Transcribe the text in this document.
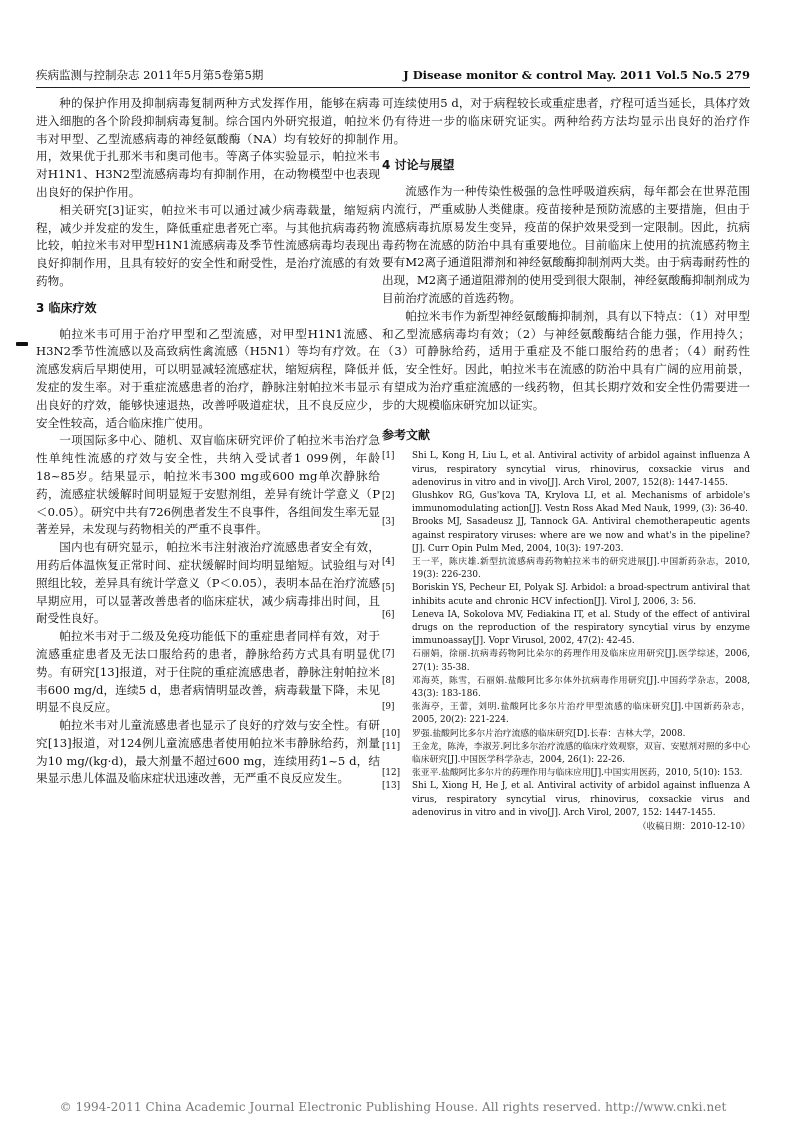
疾病监测与控制杂志 2011年5月第5卷第5期	J Disease monitor & control May. 2011 Vol.5 No.5 279

种的保护作用及抑制病毒复制两种方式发挥作用，能够在病毒进入细胞的各个阶段抑制病毒复制。综合国内外研究报道，帕拉米韦对甲型、乙型流感病毒的神经氨酸酶（NA）均有较好的抑制作用，效果优于扎那米韦和奥司他韦。等离子体实验显示，帕拉米韦对H1N1、H3N2型流感病毒均有抑制作用，在动物模型中也表现出良好的保护作用。

相关研究[3]证实，帕拉米韦可以通过减少病毒载量，缩短病程，减少并发症的发生，降低重症患者死亡率。与其他抗病毒药物比较，帕拉米韦对甲型H1N1流感病毒及季节性流感病毒均表现出良好抑制作用，且具有较好的安全性和耐受性，是治疗流感的有效药物。

3 临床疗效

帕拉米韦可用于治疗甲型和乙型流感，对甲型H1N1流感、H3N2季节性流感以及高致病性禽流感（H5N1）等均有疗效。在流感发病后早期使用，可以明显减轻流感症状，缩短病程，降低并发症的发生率。对于重症流感患者的治疗，静脉注射帕拉米韦显示出良好的疗效，能够快速退热，改善呼吸道症状，且不良反应少，安全性较高，适合临床推广使用。

一项国际多中心、随机、双盲临床研究评价了帕拉米韦治疗急性单纯性流感的疗效与安全性，共纳入受试者1 099例，年龄18~85岁。结果显示，帕拉米韦300 mg或600 mg单次静脉给药，流感症状缓解时间明显短于安慰剂组，差异有统计学意义（P＜0.05）。研究中共有726例患者发生不良事件，各组间发生率无显著差异，未发现与药物相关的严重不良事件。

国内也有研究显示，帕拉米韦注射液治疗流感患者安全有效，用药后体温恢复正常时间、症状缓解时间均明显缩短。试验组与对照组比较，差异具有统计学意义（P＜0.05），表明本品在治疗流感早期应用，可以显著改善患者的临床症状，减少病毒排出时间，且耐受性良好。

帕拉米韦对于二级及免疫功能低下的重症患者同样有效，对于流感重症患者及无法口服给药的患者，静脉给药方式具有明显优势。有研究[13]报道，对于住院的重症流感患者，静脉注射帕拉米韦600 mg/d，连续5 d，患者病情明显改善，病毒载量下降，未见明显不良反应。

帕拉米韦对儿童流感患者也显示了良好的疗效与安全性。有研究[13]报道，对124例儿童流感患者使用帕拉米韦静脉给药，剂量为10 mg/(kg·d)，最大剂量不超过600 mg，连续用药1~5 d，结果显示患儿体温及临床症状迅速改善，无严重不良反应发生。

可连续使用5 d，对于病程较长或重症患者，疗程可适当延长，具体疗效仍有待进一步的临床研究证实。两种给药方法均显示出良好的治疗作用。

4 讨论与展望

流感作为一种传染性极强的急性呼吸道疾病，每年都会在世界范围内流行，严重威胁人类健康。疫苗接种是预防流感的主要措施，但由于流感病毒抗原易发生变异，疫苗的保护效果受到一定限制。因此，抗病毒药物在流感的防治中具有重要地位。目前临床上使用的抗流感药物主要有M2离子通道阻滞剂和神经氨酸酶抑制剂两大类。由于病毒耐药性的出现，M2离子通道阻滞剂的使用受到很大限制，神经氨酸酶抑制剂成为目前治疗流感的首选药物。

帕拉米韦作为新型神经氨酸酶抑制剂，具有以下特点：（1）对甲型和乙型流感病毒均有效；（2）与神经氨酸酶结合能力强，作用持久；（3）可静脉给药，适用于重症及不能口服给药的患者；（4）耐药性低，安全性好。因此，帕拉米韦在流感的防治中具有广阔的应用前景，有望成为治疗重症流感的一线药物，但其长期疗效和安全性仍需要进一步的大规模临床研究加以证实。

参考文献
[1]	Shi L, Kong H, Liu L, et al. Antiviral activity of arbidol against influenza A virus, respiratory syncytial virus, rhinovirus, coxsackie virus and adenovirus in vitro and in vivo[J]. Arch Virol, 2007, 152(8): 1447-1455.
[2]	Glushkov RG, Gus'kova TA, Krylova LI, et al. Mechanisms of arbidole's immunomodulating action[J]. Vestn Ross Akad Med Nauk, 1999, (3): 36-40.
[3]	Brooks MJ, Sasadeusz JJ, Tannock GA. Antiviral chemotherapeutic agents against respiratory viruses: where are we now and what's in the pipeline?[J]. Curr Opin Pulm Med, 2004, 10(3): 197-203.
[4]	王一平，陈庆雄.新型抗流感病毒药物帕拉米韦的研究进展[J].中国新药杂志，2010, 19(3): 226-230.
[5]	Boriskin YS, Pecheur EI, Polyak SJ. Arbidol: a broad-spectrum antiviral that inhibits acute and chronic HCV infection[J]. Virol J, 2006, 3: 56.
[6]	Leneva IA, Sokolova MV, Fediakina IT, et al. Study of the effect of antiviral drugs on the reproduction of the respiratory syncytial virus by enzyme immunoassay[J]. Vopr Virusol, 2002, 47(2): 42-45.
[7]	石丽娟，徐丽.抗病毒药物阿比朵尔的药理作用及临床应用研究[J].医学综述，2006, 27(1): 35-38.
[8]	邓海英，陈雪，石丽娟.盐酸阿比多尔体外抗病毒作用研究[J].中国药学杂志，2008, 43(3): 183-186.
[9]	张海亭，王蕾，刘明.盐酸阿比多尔片治疗甲型流感的临床研究[J].中国新药杂志，2005, 20(2): 221-224.
[10]	罗强.盐酸阿比多尔片治疗流感的临床研究[D].长春：吉林大学，2008.
[11]	王金龙，陈涛，李淑芳.阿比多尔治疗流感的临床疗效观察，双盲、安慰剂对照的多中心临床研究[J].中国医学科学杂志，2004, 26(1): 22-26.
[12]	张亚平.盐酸阿比多尔片的药理作用与临床应用[J].中国实用医药，2010, 5(10): 153.
[13]	Shi L, Xiong H, He J, et al. Antiviral activity of arbidol against influenza A virus, respiratory syncytial virus, rhinovirus, coxsackie virus and adenovirus in vitro and in vivo[J]. Arch Virol, 2007, 152: 1447-1455.

（收稿日期：2010-12-10）

© 1994-2011 China Academic Journal Electronic Publishing House. All rights reserved. http://www.cnki.net
